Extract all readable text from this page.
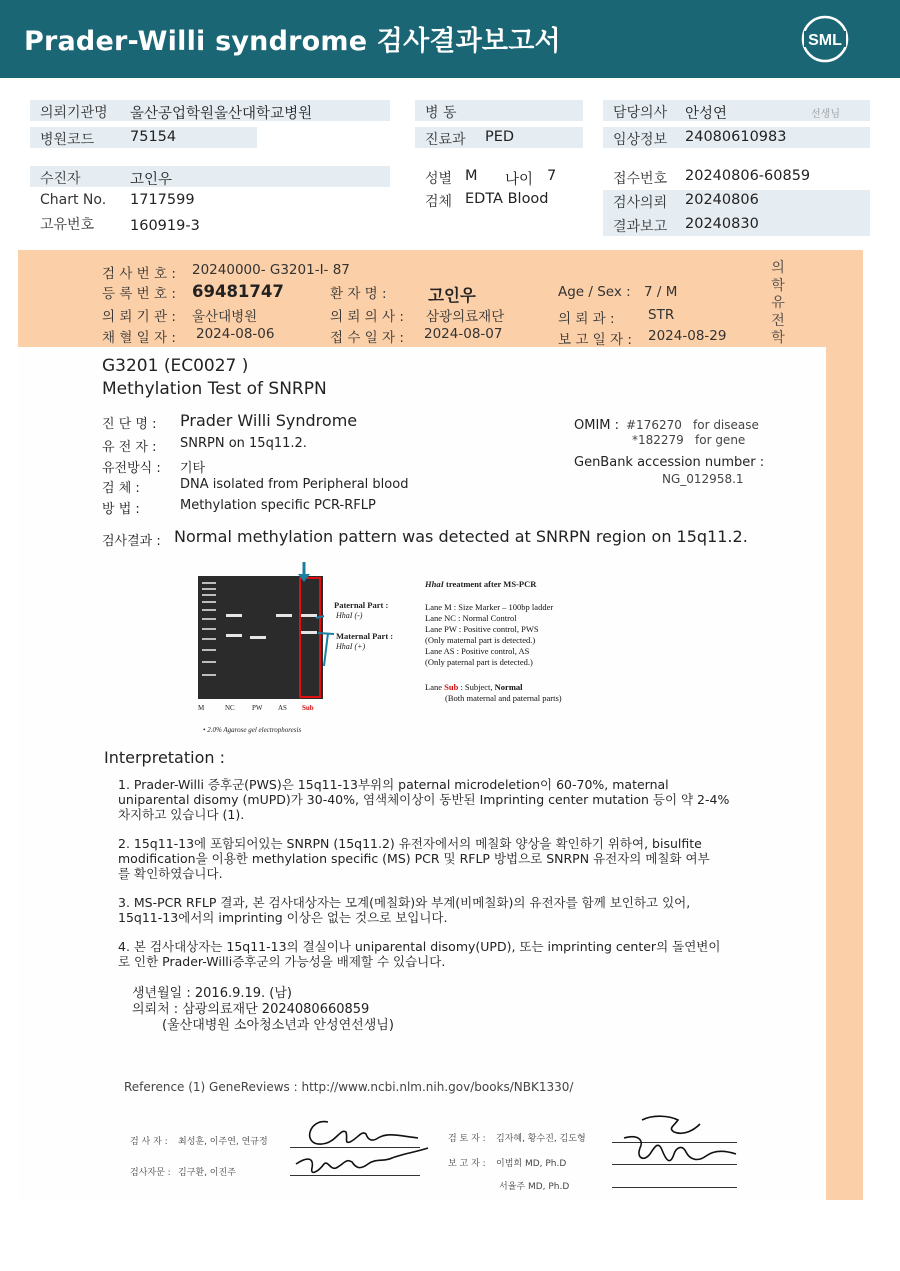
Prader-Willi syndrome 검사결과보고서	SML
의뢰기관명 울산공업학원울산대학교병원	병 동	담당의사 안성연	선생님
병원코드 75154	진료과 PED	임상정보 24080610983
수진자	고인우	성별 M 나이 7	접수번호 20240806-60859
Chart No. 1717599	검체 EDTA Blood	검사의뢰 20240806
결과보고 20240830
고유번호 160919-3
검 사 번 호 : 20240000- G3201-I- 87
등 록 번 호 : 69481747	환 자 명 :	고인우	Age / Sex : 7 / M
의 뢰 기 관 : 울산대병원	의 뢰 의 사 : 삼광의료재단	의 뢰 과 : STR
채 혈 일 자 : 2024-08-06	접 수 일 자 : 2024-08-07	보 고 일 자 : 2024-08-29
의
학
유
전
학
G3201 (EC0027 )
Methylation Test of SNRPN
진 단 명 : Prader Willi Syndrome
유 전 자 : SNRPN on 15q11.2.
유전방식 : 기타
검 체 :	DNA isolated from Peripheral blood
방 법 :	Methylation specific PCR-RFLP
OMIM : #176270 for disease
*182279 for gene
GenBank accession number :
NG_012958.1
검사결과 : Normal methylation pattern was detected at SNRPN region on 15q11.2.
Paternal Part :
HhaI (-)
Maternal Part :
HhaI (+)
M	NC PW AS Sub
• 2.0% Agarose gel electrophoresis
HhaI treatment after MS-PCR
Lane M : Size Marker – 100bp ladder
Lane NC : Normal Control
Lane PW : Positive control, PWS
(Only maternal part is detected.)
Lane AS : Positive control, AS
(Only paternal part is detected.)
Lane Sub : Subject, Normal
(Both maternal and paternal parts)
Interpretation :
1. Prader-Willi 증후군(PWS)은 15q11-13부위의 paternal microdeletion이 60-70%, maternal
uniparental disomy (mUPD)가 30-40%, 염색체이상이 동반된 Imprinting center mutation 등이 약 2-4%
차지하고 있습니다 (1).
2. 15q11-13에 포함되어있는 SNRPN (15q11.2) 유전자에서의 메칠화 양상을 확인하기 위하여, bisulfite
modification을 이용한 methylation specific (MS) PCR 및 RFLP 방법으로 SNRPN 유전자의 메칠화 여부
를 확인하였습니다.
3. MS-PCR RFLP 결과, 본 검사대상자는 모계(메칠화)와 부계(비메칠화)의 유전자를 함께 보인하고 있어,
15q11-13에서의 imprinting 이상은 없는 것으로 보입니다.
4. 본 검사대상자는 15q11-13의 결실이나 uniparental disomy(UPD), 또는 imprinting center의 돌연변이
로 인한 Prader-Willi증후군의 가능성을 배제할 수 있습니다.
생년월일 : 2016.9.19. (남)
의뢰처 : 삼광의료재단 2024080660859
(울산대병원 소아청소년과 안성연선생님)
Reference (1) GeneReviews : http://www.ncbi.nlm.nih.gov/books/NBK1330/
검 사 자 : 최성훈, 이주연, 연규정
검사자문 : 김구환, 이진주
검 토 자 : 김자혜, 황수진, 김도형
보 고 자 : 이범희 MD, Ph.D
서율주 MD, Ph.D
